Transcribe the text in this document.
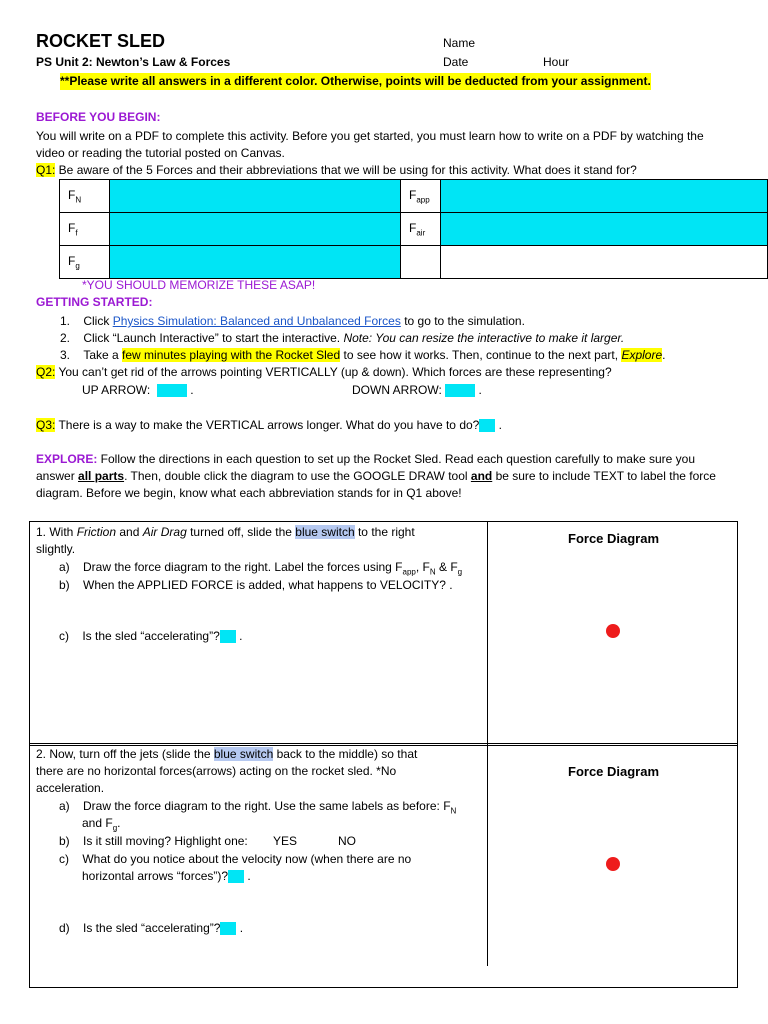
ROCKET SLED
PS Unit 2: Newton’s Law & Forces
Name
Date	Hour
**Please write all answers in a different color. Otherwise, points will be deducted from your assignment.
BEFORE YOU BEGIN:
You will write on a PDF to complete this activity. Before you get started, you must learn how to write on a PDF by watching the
video or reading the tutorial posted on Canvas.
Q1: Be aware of the 5 Forces and their abbreviations that we will be using for this activity. What does it stand for?
$F_N$		$F_{app}$	
$F_f$		$F_{air}$	
$F_g$			
*YOU SHOULD MEMORIZE THESE ASAP!
GETTING STARTED:
1.    Click Physics Simulation: Balanced and Unbalanced Forces to go to the simulation.
2.    Click “Launch Interactive” to start the interactive. Note: You can resize the interactive to make it larger.
3.    Take a few minutes playing with the Rocket Sled to see how it works. Then, continue to the next part, Explore.
Q2: You can’t get rid of the arrows pointing VERTICALLY (up & down). Which forces are these representing?
UP ARROW:	.	DOWN ARROW:	.
Q3: There is a way to make the VERTICAL arrows longer. What do you have to do? .
EXPLORE: Follow the directions in each question to set up the Rocket Sled. Read each question carefully to make sure you
answer all parts. Then, double click the diagram to use the GOOGLE DRAW tool and be sure to include TEXT to label the force
diagram. Before we begin, know what each abbreviation stands for in Q1 above!
1. With Friction and Air Drag turned off, slide the blue switch to the right
slightly.
a) Draw the force diagram to the right. Label the forces using $F_{app}$, $F_N$ & $F_g$
b) When the APPLIED FORCE is added, what happens to VELOCITY? .
c) Is the sled “accelerating”? .
Force Diagram
2. Now, turn off the jets (slide the blue switch back to the middle) so that
there are no horizontal forces(arrows) acting on the rocket sled. *No
acceleration.
a) Draw the force diagram to the right. Use the same labels as before: $F_N$
and $F_g$.
b) Is it still moving? Highlight one: YES	NO
c) What do you notice about the velocity now (when there are no
horizontal arrows “forces”)? .
d) Is the sled “accelerating”? .
Force Diagram
